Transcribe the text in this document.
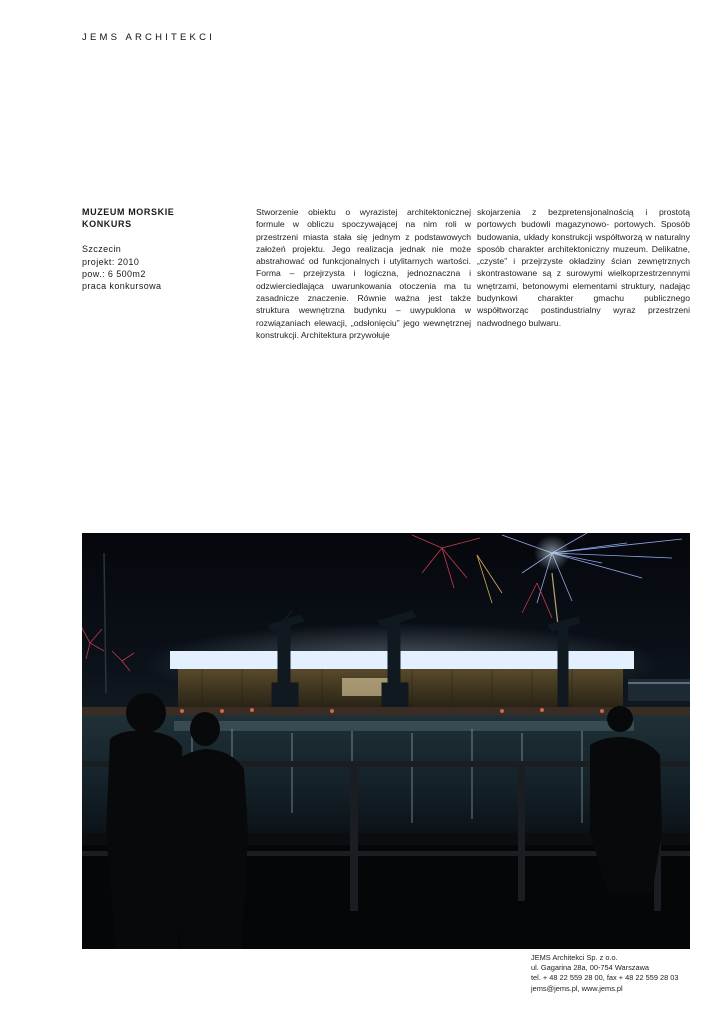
JEMS ARCHITEKCI
MUZEUM MORSKIE
KONKURS
Szczecin
projekt: 2010
pow.: 6 500m2
praca konkursowa
Stworzenie obiektu o wyrazistej architektonicznej formule w obliczu spoczywającej na nim roli w przestrzeni miasta stała się jednym z podstawowych założeń projektu. Jego realizacja jednak nie może abstrahować od funkcjonalnych i utylitarnych wartości. Forma – przejrzysta i logiczna, jednoznaczna i odzwierciedlająca uwarunkowania otoczenia ma tu zasadnicze znaczenie. Równie ważna jest także struktura wewnętrzna budynku – uwypuklona w rozwiązaniach elewacji, „odsłonięciu” jego wewnętrznej konstrukcji. Architektura przywołuje
skojarzenia z bezpretensjonalnością i prostotą portowych budowli magazynowo- portowych. Sposób budowania, układy konstrukcji współtworzą w naturalny sposób charakter architektoniczny muzeum. Delikatne, „czyste” i przejrzyste okładziny ścian zewnętrznych skontrastowane są z surowymi wielkoprzestrzennymi wnętrzami, betonowymi elementami struktury, nadając budynkowi charakter gmachu publicznego współtworząc postindustrialny wyraz przestrzeni nadwodnego bulwaru.
JEMS Architekci Sp. z o.o.
ul. Gagarina 28a, 00-754 Warszawa
tel. + 48 22 559 28 00, fax + 48 22 559 28 03
jems@jems.pl, www.jems.pl
